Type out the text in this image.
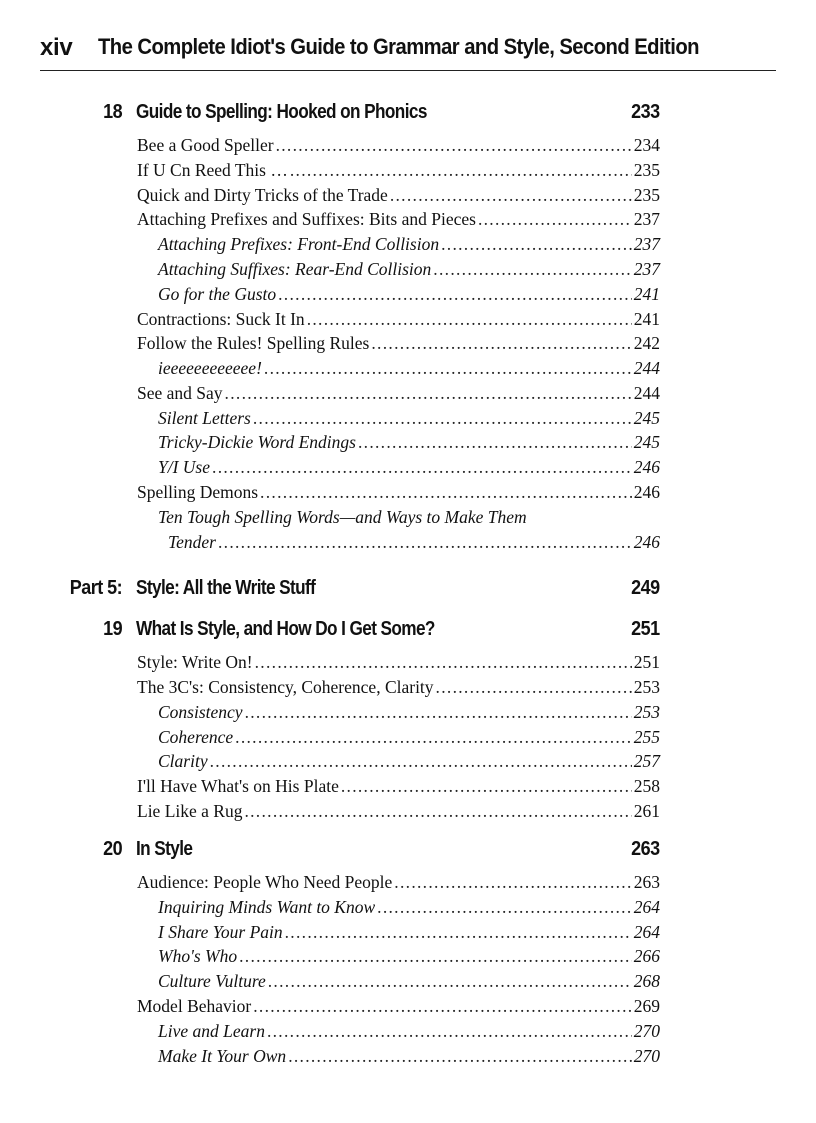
xiv The Complete Idiot's Guide to Grammar and Style, Second Edition
18 Guide to Spelling: Hooked on Phonics	233
Bee a Good Speller .....	234
If U Cn Reed This … .....	235
Quick and Dirty Tricks of the Trade .....	235
Attaching Prefixes and Suffixes: Bits and Pieces .....	237
Attaching Prefixes: Front-End Collision .....	237
Attaching Suffixes: Rear-End Collision .....	237
Go for the Gusto .....	241
Contractions: Suck It In .....	241
Follow the Rules! Spelling Rules .....	242
ieeeeeeeeeeee! .....	244
See and Say .....	244
Silent Letters .....	245
Tricky-Dickie Word Endings .....	245
Y/I Use .....	246
Spelling Demons .....	246
Ten Tough Spelling Words—and Ways to Make Them
Tender .....	246
Part 5: Style: All the Write Stuff	249
19 What Is Style, and How Do I Get Some?	251
Style: Write On! .....	251
The 3C's: Consistency, Coherence, Clarity .....	253
Consistency .....	253
Coherence .....	255
Clarity .....	257
I'll Have What's on His Plate .....	258
Lie Like a Rug .....	261
20 In Style	263
Audience: People Who Need People .....	263
Inquiring Minds Want to Know .....	264
I Share Your Pain .....	264
Who's Who .....	266
Culture Vulture .....	268
Model Behavior .....	269
Live and Learn .....	270
Make It Your Own .....	270
